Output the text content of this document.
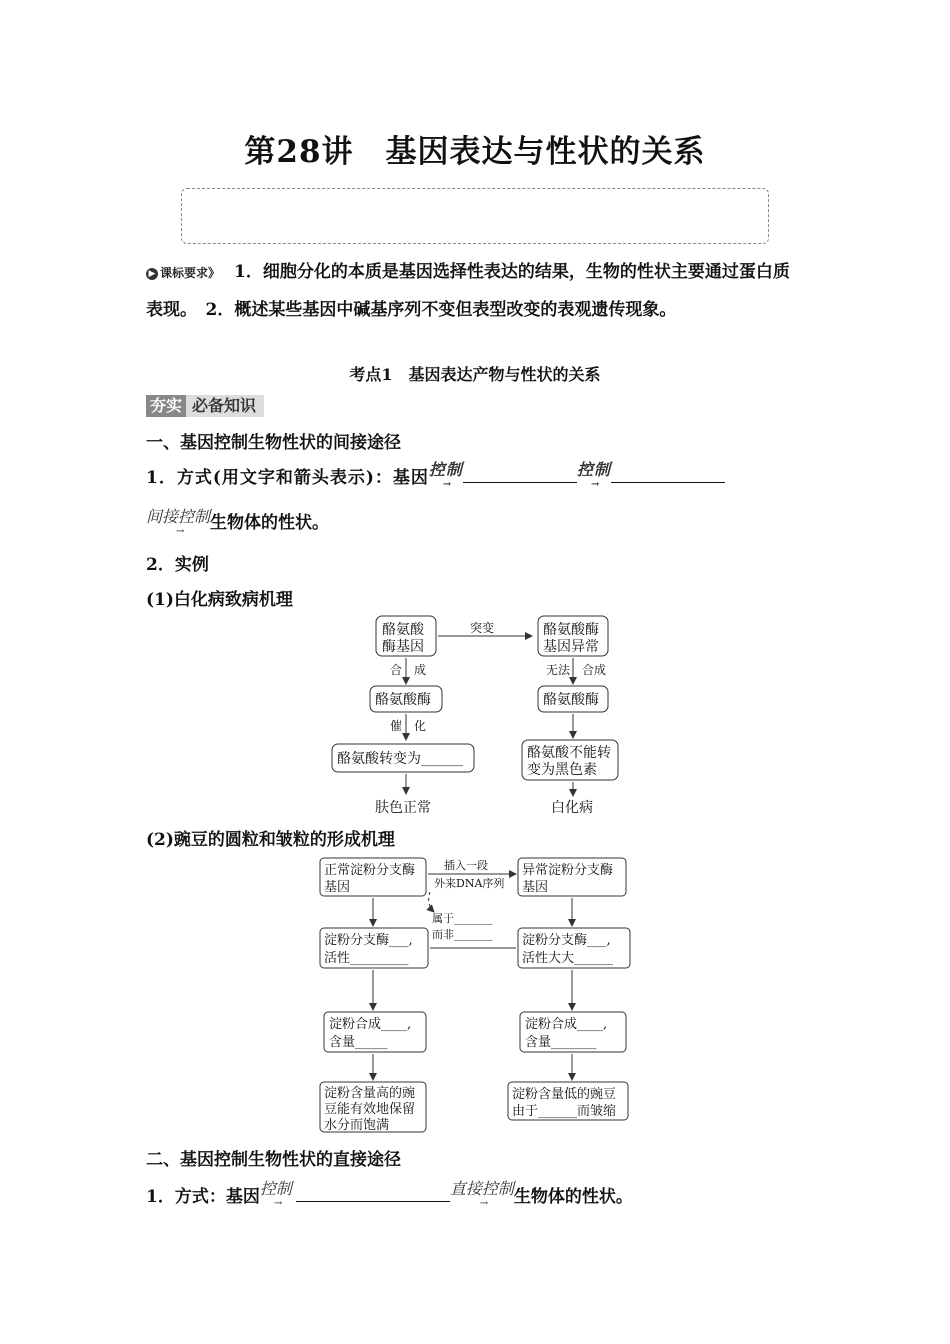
第28讲　基因表达与性状的关系
▶ 课标要求》 1．细胞分化的本质是基因选择性表达的结果，生物的性状主要通过蛋白质表现。　2．概述某些基因中碱基序列不变但表型改变的表观遗传现象。
考点1　基因表达产物与性状的关系
夯实 必备知识
一、基因控制生物性状的间接途径
1．方式(用文字和箭头表示)：基因控制
→
控制
→
间接控制
→ 生物体的性状。
2．实例
(1)白化病致病机理
酪氨酸
酶基因
突变	酪氨酸酶
基因异常
合　成	无法　合成
酪氨酸酶	酪氨酸酶
催　化
酪氨酸转变为______	酪氨酸不能转
变为黑色素
肤色正常	白化病
(2)豌豆的圆粒和皱粒的形成机理
正常淀粉分支酶
基因
插入一段
外来DNA序列
异常淀粉分支酶
基因
属于_______
而非_______
淀粉分支酶___,
活性_________
淀粉分支酶___,
活性大大______
淀粉合成____,
含量_____
淀粉合成____,
含量_______
淀粉含量高的豌
豆能有效地保留
水分而饱满
淀粉含量低的豌豆
由于______而皱缩
二、基因控制生物性状的直接途径
1．方式：基因控制
→
直接控制
→ 生物体的性状。
